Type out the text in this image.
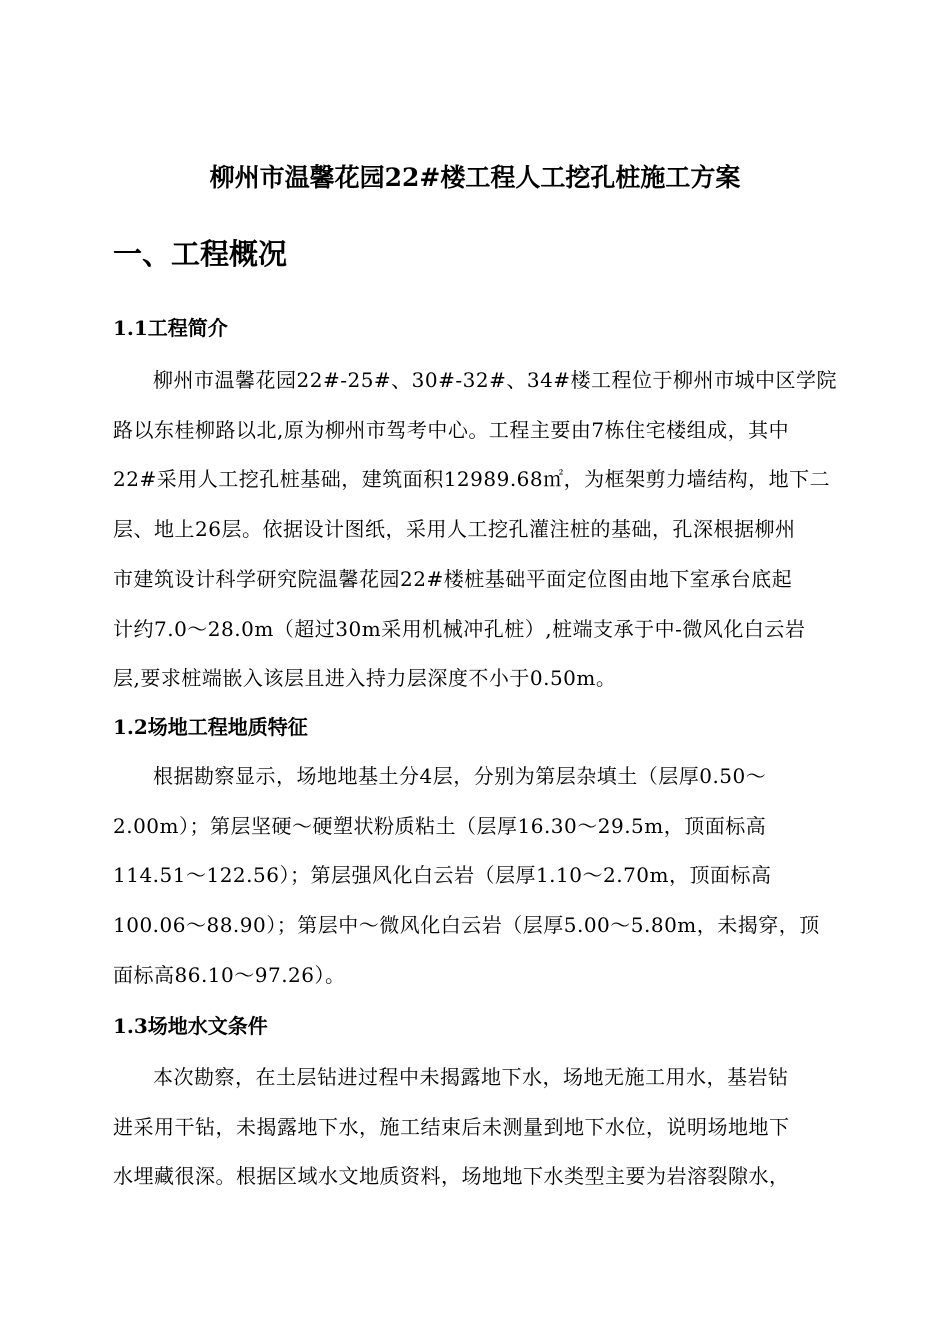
柳州市温馨花园22#楼工程人工挖孔桩施工方案
一、工程概况
1.1工程简介
柳州市温馨花园22#-25#、30#-32#、34#楼工程位于柳州市城中区学院
路以东桂柳路以北,原为柳州市驾考中心。工程主要由7栋住宅楼组成，其中
22#采用人工挖孔桩基础，建筑面积12989.68㎡，为框架剪力墙结构，地下二
层、地上26层。依据设计图纸，采用人工挖孔灌注桩的基础，孔深根据柳州
市建筑设计科学研究院温馨花园22#楼桩基础平面定位图由地下室承台底起
计约7.0～28.0m（超过30m采用机械冲孔桩）,桩端支承于中-微风化白云岩
层,要求桩端嵌入该层且进入持力层深度不小于0.50m。
1.2场地工程地质特征
根据勘察显示，场地地基土分4层，分别为第层杂填土（层厚0.50～
2.00m）；第层坚硬～硬塑状粉质粘土（层厚16.30～29.5m，顶面标高
114.51～122.56）；第层强风化白云岩（层厚1.10～2.70m，顶面标高
100.06～88.90）；第层中～微风化白云岩（层厚5.00～5.80m，未揭穿，顶
面标高86.10～97.26）。
1.3场地水文条件
本次勘察，在土层钻进过程中未揭露地下水，场地无施工用水，基岩钻
进采用干钻，未揭露地下水，施工结束后未测量到地下水位，说明场地地下
水埋藏很深。根据区域水文地质资料，场地地下水类型主要为岩溶裂隙水，
